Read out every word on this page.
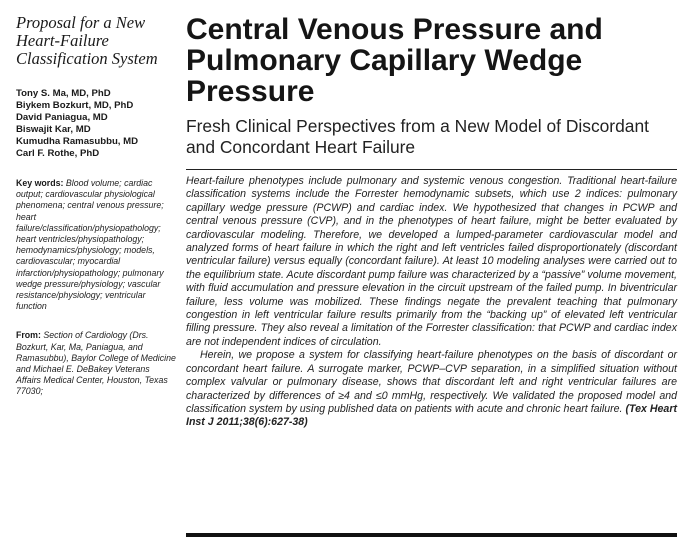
Proposal for a New Heart-Failure Classification System
Tony S. Ma, MD, PhD
Biykem Bozkurt, MD, PhD
David Paniagua, MD
Biswajit Kar, MD
Kumudha Ramasubbu, MD
Carl F. Rothe, PhD
Key words: Blood volume; cardiac output; cardiovascular physiological phenomena; central venous pressure; heart failure/classification/physiopathology; heart ventricles/physiopathology; hemodynamics/physiology; models, cardiovascular; myocardial infarction/physiopathology; pulmonary wedge pressure/physiology; vascular resistance/physiology; ventricular function
From: Section of Cardiology (Drs. Bozkurt, Kar, Ma, Paniagua, and Ramasubbu), Baylor College of Medicine and Michael E. DeBakey Veterans Affairs Medical Center, Houston, Texas 77030;
Central Venous Pressure and Pulmonary Capillary Wedge Pressure
Fresh Clinical Perspectives from a New Model of Discordant and Concordant Heart Failure

Heart-failure phenotypes include pulmonary and systemic venous congestion. Traditional heart-failure classification systems include the Forrester hemodynamic subsets, which use 2 indices: pulmonary capillary wedge pressure (PCWP) and cardiac index. We hypothesized that changes in PCWP and central venous pressure (CVP), and in the phenotypes of heart failure, might be better evaluated by cardiovascular modeling. Therefore, we developed a lumped-parameter cardiovascular model and analyzed forms of heart failure in which the right and left ventricles failed disproportionately (discordant ventricular failure) versus equally (concordant failure). At least 10 modeling analyses were carried out to the equilibrium state. Acute discordant pump failure was characterized by a “passive” volume movement, with fluid accumulation and pressure elevation in the circuit upstream of the failed pump. In biventricular failure, less volume was mobilized. These findings negate the prevalent teaching that pulmonary congestion in left ventricular failure results primarily from the “backing up” of elevated left ventricular filling pressure. They also reveal a limitation of the Forrester classification: that PCWP and cardiac index are not independent indices of circulation.

Herein, we propose a system for classifying heart-failure phenotypes on the basis of discordant or concordant heart failure. A surrogate marker, PCWP–CVP separation, in a simplified situation without complex valvular or pulmonary disease, shows that discordant left and right ventricular failures are characterized by differences of ≥4 and ≤0 mmHg, respectively. We validated the proposed model and classification system by using published data on patients with acute and chronic heart failure. (Tex Heart Inst J 2011;38(6):627-38)
